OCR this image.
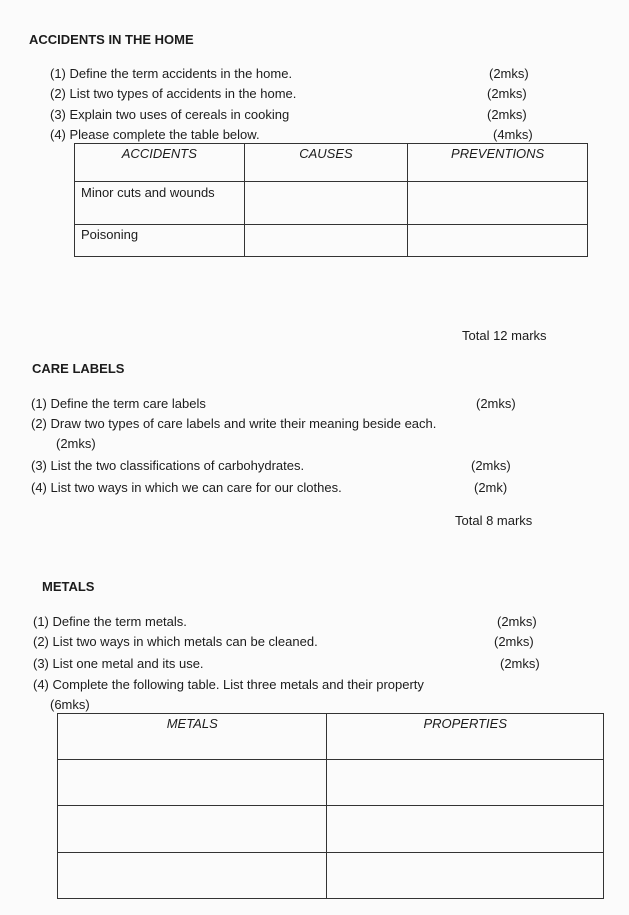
ACCIDENTS IN THE HOME
(1) Define the term accidents in the home.	(2mks)
(2) List two types of accidents in the home.	(2mks)
(3) Explain two uses of cereals in cooking	(2mks)
(4) Please complete the table below.	(4mks)
ACCIDENTS	CAUSES	PREVENTIONS
Minor cuts and wounds		
Poisoning		
Total 12 marks
CARE LABELS
(1) Define the term care labels	(2mks)
(2) Draw two types of care labels and write their meaning beside each.
(2mks)
(3) List the two classifications of carbohydrates.	(2mks)
(4) List two ways in which we can care for our clothes.	(2mk)
Total 8 marks
METALS
(1) Define the term metals.	(2mks)
(2) List two ways in which metals can be cleaned.	(2mks)
(3) List one metal and its use.	(2mks)
(4) Complete the following table. List three metals and their property
(6mks)
METALS	PROPERTIES
